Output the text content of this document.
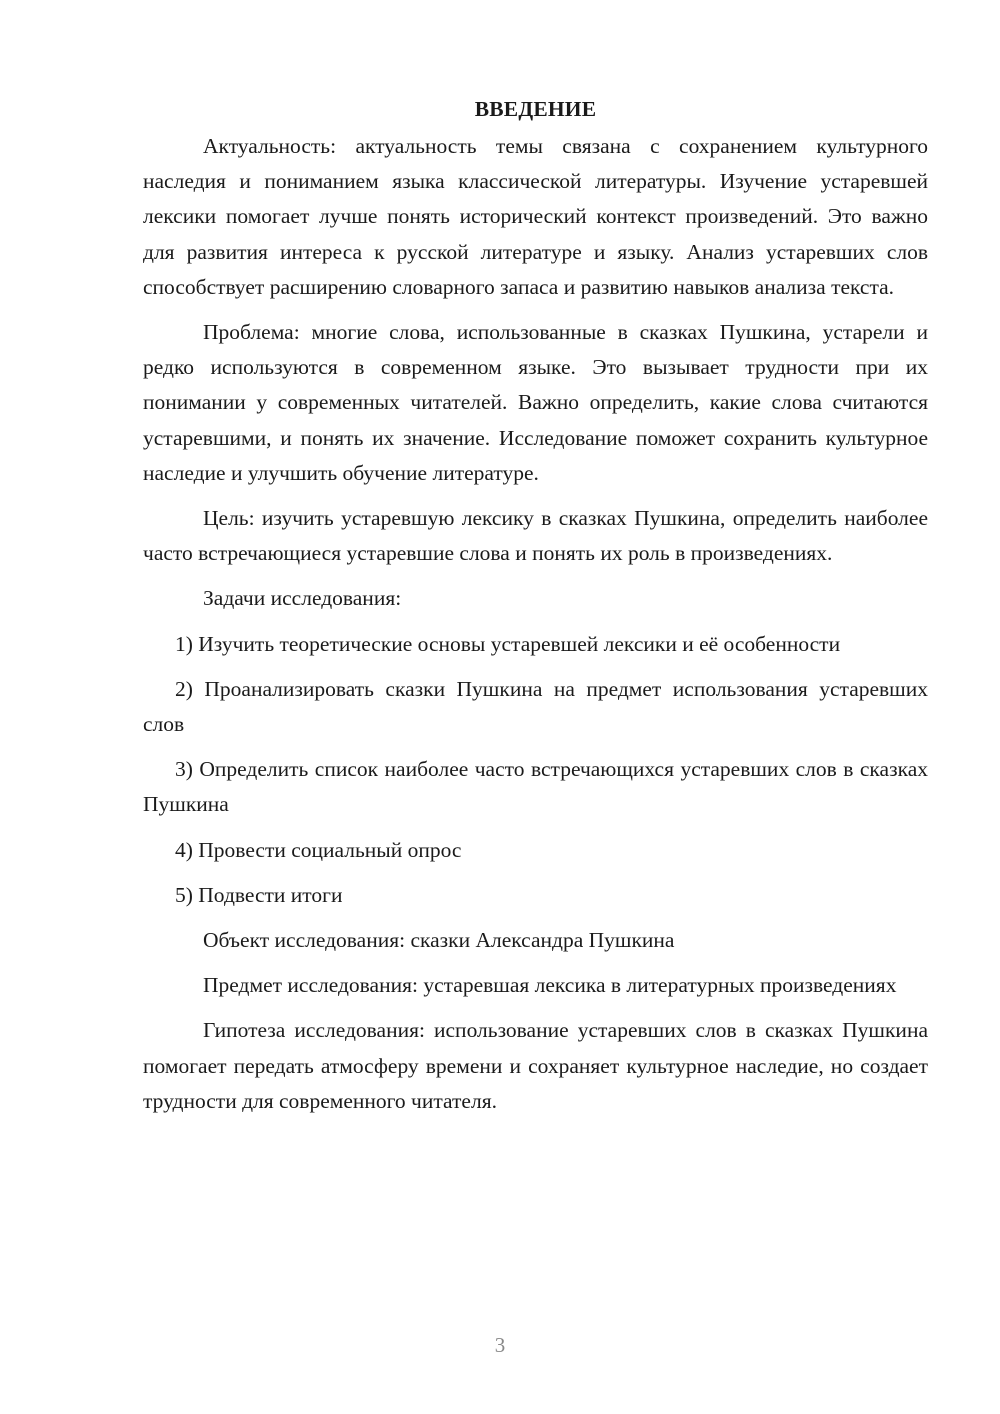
ВВЕДЕНИЕ

Актуальность: актуальность темы связана с сохранением культурного наследия и пониманием языка классической литературы. Изучение устаревшей лексики помогает лучше понять исторический контекст произведений. Это важно для развития интереса к русской литературе и языку. Анализ устаревших слов способствует расширению словарного запаса и развитию навыков анализа текста.

Проблема: многие слова, использованные в сказках Пушкина, устарели и редко используются в современном языке. Это вызывает трудности при их понимании у современных читателей. Важно определить, какие слова считаются устаревшими, и понять их значение. Исследование поможет сохранить культурное наследие и улучшить обучение литературе.

Цель: изучить устаревшую лексику в сказках Пушкина, определить наиболее часто встречающиеся устаревшие слова и понять их роль в произведениях.

Задачи исследования:

1) Изучить теоретические основы устаревшей лексики и её особенности

2) Проанализировать сказки Пушкина на предмет использования устаревших слов

3) Определить список наиболее часто встречающихся устаревших слов в сказках Пушкина

4) Провести социальный опрос

5) Подвести итоги

Объект исследования: сказки Александра Пушкина

Предмет исследования: устаревшая лексика в литературных произведениях

Гипотеза исследования: использование устаревших слов в сказках Пушкина помогает передать атмосферу времени и сохраняет культурное наследие, но создает трудности для современного читателя.

3
